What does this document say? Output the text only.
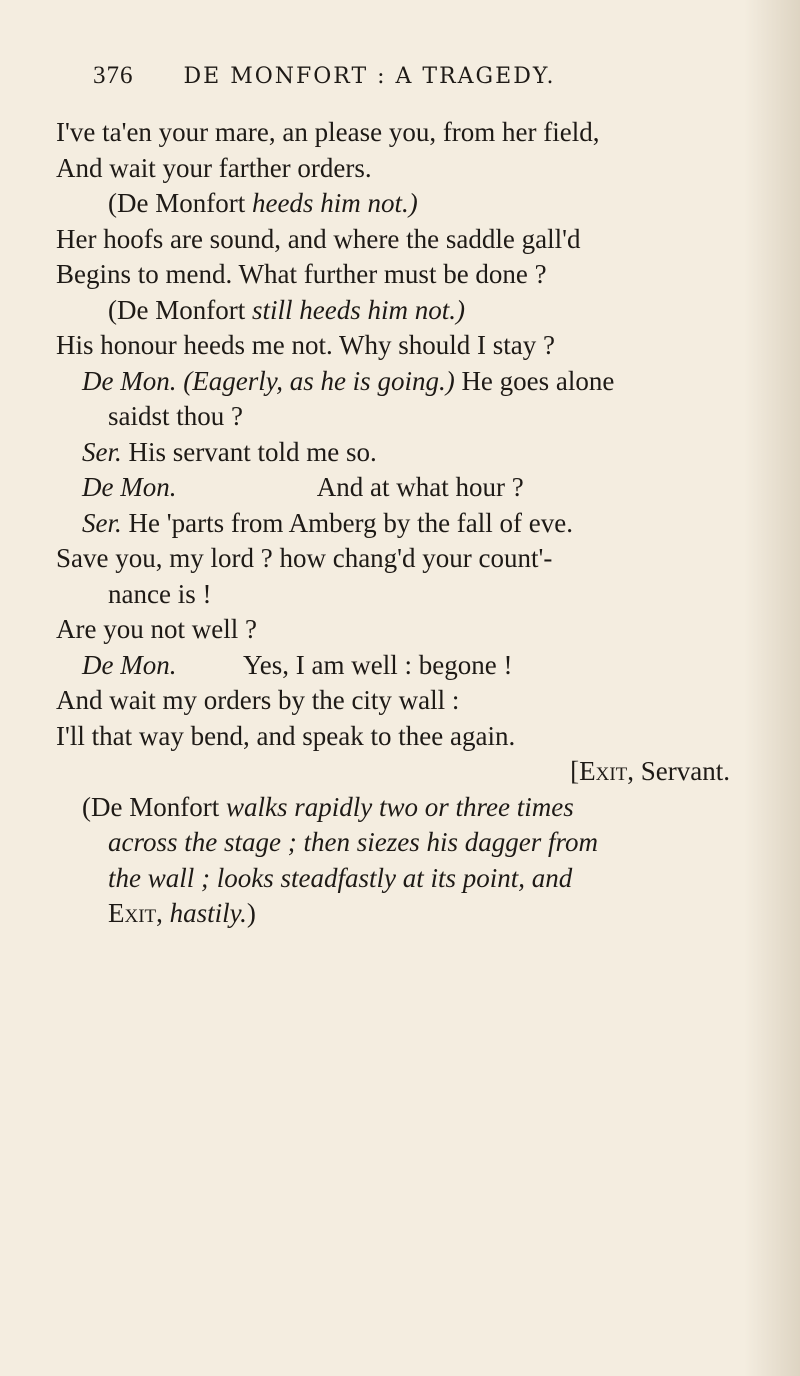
376 DE MONFORT : A TRAGEDY.
I've ta'en your mare, an please you, from her field,
And wait your farther orders.
(De Monfort heeds him not.)
Her hoofs are sound, and where the saddle gall'd
Begins to mend. What further must be done ?
(De Monfort still heeds him not.)
His honour heeds me not. Why should I stay ?
De Mon. (Eagerly, as he is going.) He goes alone
saidst thou ?
Ser. His servant told me so.
De Mon.                     And at what hour ?
Ser. He 'parts from Amberg by the fall of eve.
Save you, my lord ? how chang'd your count'-
nance is !
Are you not well ?
De Mon.          Yes, I am well : begone !
And wait my orders by the city wall :
I'll that way bend, and speak to thee again.
[Exit, Servant.
(De Monfort walks rapidly two or three times
across the stage ; then siezes his dagger from
the wall ; looks steadfastly at its point, and
Exit, hastily.)
